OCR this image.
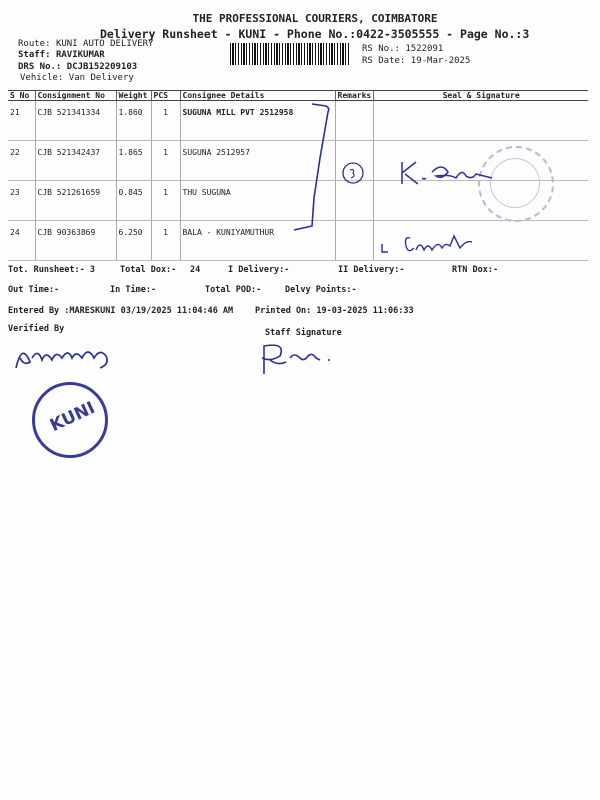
THE PROFESSIONAL COURIERS, COIMBATORE
Delivery Runsheet - KUNI - Phone No.:0422-3505555 - Page No.:3
Route: KUNI AUTO DELIVERY
Staff: RAVIKUMAR
DRS No.: DCJB152209103
Vehicle: Van Delivery
RS No.: 1522091
RS Date: 19-Mar-2025
S No	Consignment No	Weight	PCS	Consignee Details	Remarks	Seal & Signature
21	CJB 521341334	1.860	1	SUGUNA MILL PVT 2512958		
22	CJB 521342437	1.865	1	SUGUNA 2512957		
23	CJB 521261659	0.845	1	THU SUGUNA		
24	CJB 90363869	6.250	1	BALA - KUNIYAMUTHUR		
Tot. Runsheet:- 3	Total Dox:- 24	I Delivery:-	II Delivery:-	RTN Dox:-
Out Time:-	In Time:-	Total POD:-	Delvy Points:-
Entered By :MARESKUNI 03/19/2025 11:04:46 AM	Printed On: 19-03-2025 11:06:33
Verified By	Staff Signature
KUNI
